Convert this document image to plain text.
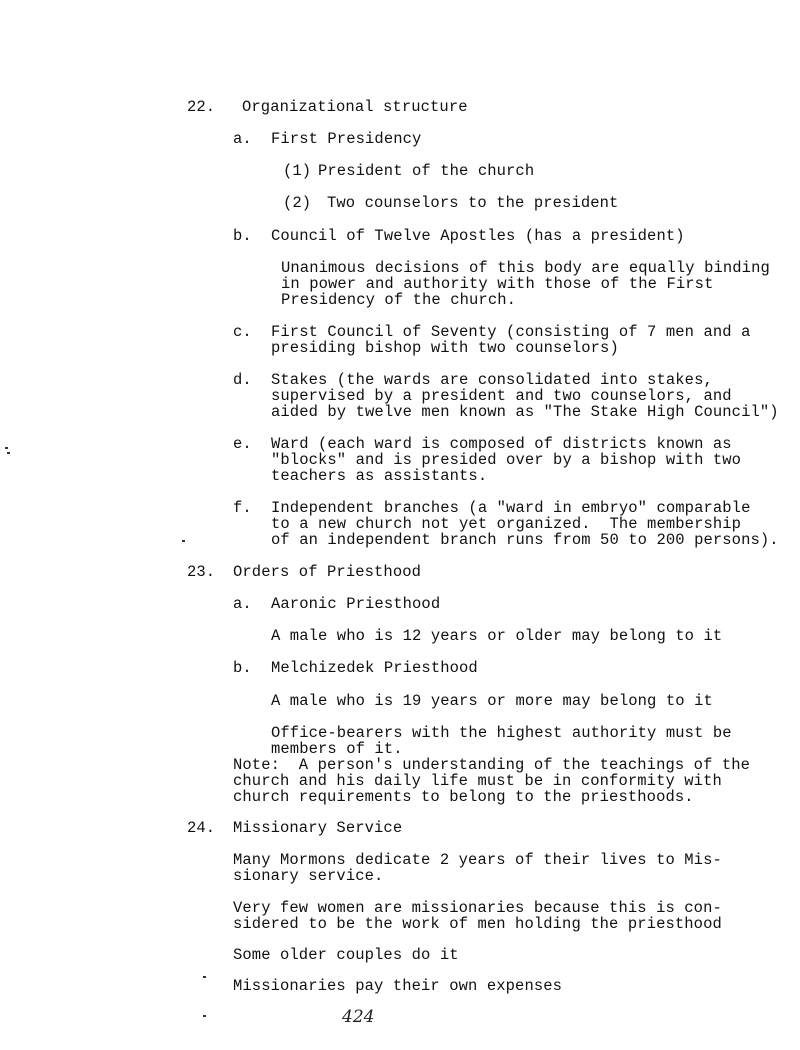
22. Organizational structure
a. First Presidency
(1) President of the church
(2) Two counselors to the president
b. Council of Twelve Apostles (has a president)
Unanimous decisions of this body are equally binding
in power and authority with those of the First
Presidency of the church.
c. First Council of Seventy (consisting of 7 men and a
presiding bishop with two counselors)
d. Stakes (the wards are consolidated into stakes,
supervised by a president and two counselors, and
aided by twelve men known as "The Stake High Council")
e. Ward (each ward is composed of districts known as
"blocks" and is presided over by a bishop with two
teachers as assistants.
f. Independent branches (a "ward in embryo" comparable
to a new church not yet organized.  The membership
of an independent branch runs from 50 to 200 persons).
23. Orders of Priesthood
a. Aaronic Priesthood
A male who is 12 years or older may belong to it
b. Melchizedek Priesthood
A male who is 19 years or more may belong to it
Office-bearers with the highest authority must be
members of it.
Note:  A person's understanding of the teachings of the
church and his daily life must be in conformity with
church requirements to belong to the priesthoods.
24. Missionary Service
Many Mormons dedicate 2 years of their lives to Mis-
sionary service.
Very few women are missionaries because this is con-
sidered to be the work of men holding the priesthood
Some older couples do it
Missionaries pay their own expenses
424
